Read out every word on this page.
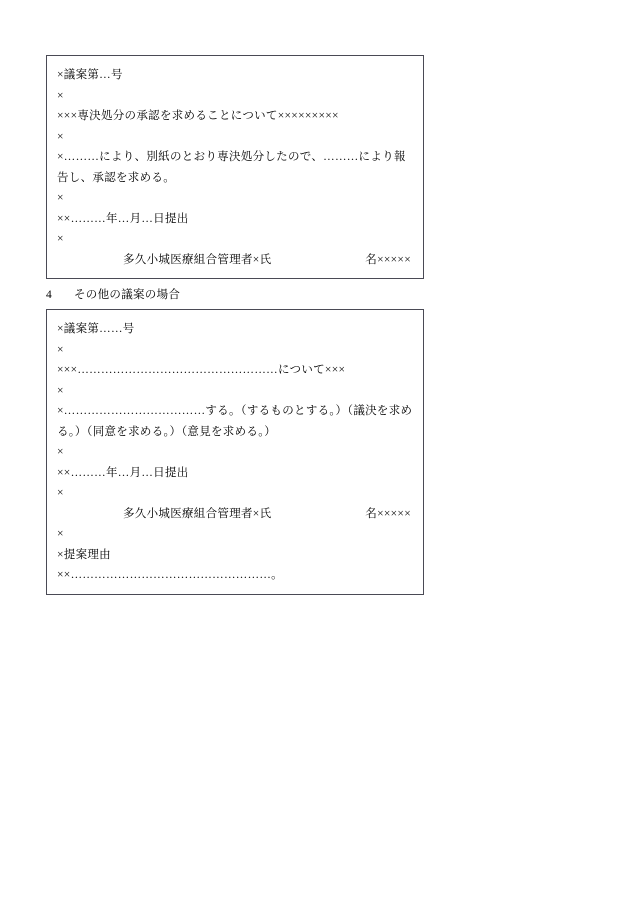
×議案第…号
×
×××専決処分の承認を求めることについて×××××××××
×
×………により、別紙のとおり専決処分したので、………により報告し、承認を求める。
×
××………年…月…日提出
×
多久小城医療組合管理者×氏	名×××××
4	その他の議案の場合
×議案第……号
×
×××……………………………………………について×××
×
×………………………………する。（するものとする。）（議決を求める。）（同意を求める。）（意見を求める。）
×
××………年…月…日提出
×
多久小城医療組合管理者×氏	名×××××
×
×提案理由
××……………………………………………。
